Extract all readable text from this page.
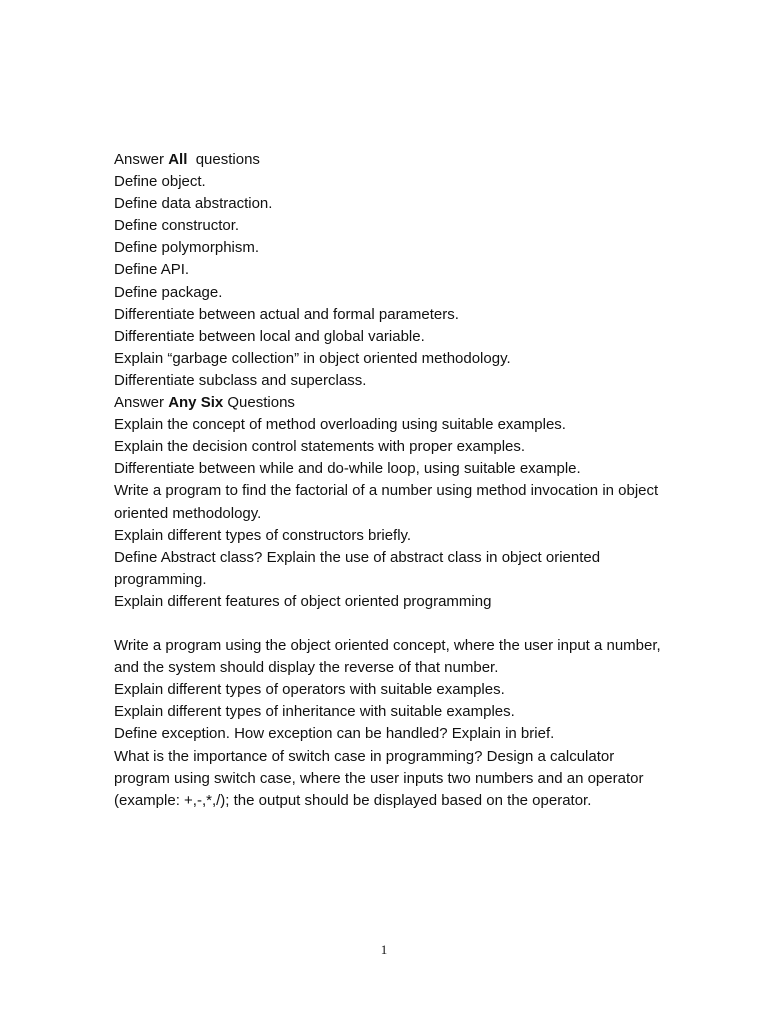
Answer All  questions
Define object.
Define data abstraction.
Define constructor.
Define polymorphism.
Define API.
Define package.
Differentiate between actual and formal parameters.
Differentiate between local and global variable.
Explain “garbage collection” in object oriented methodology.
Differentiate subclass and superclass.
Answer Any Six Questions
Explain the concept of method overloading using suitable examples.
Explain the decision control statements with proper examples.
Differentiate between while and do-while loop, using suitable example.
Write a program to find the factorial of a number using method invocation in object oriented methodology.
Explain different types of constructors briefly.
Define Abstract class? Explain the use of abstract class in object oriented programming.
Explain different features of object oriented programming
Write a program using the object oriented concept, where the user input a number, and the system should display the reverse of that number.
Explain different types of operators with suitable examples.
Explain different types of inheritance with suitable examples.
Define exception. How exception can be handled? Explain in brief.
What is the importance of switch case in programming? Design a calculator program using switch case, where the user inputs two numbers and an operator (example: +,-,*,/); the output should be displayed based on the operator.
1
